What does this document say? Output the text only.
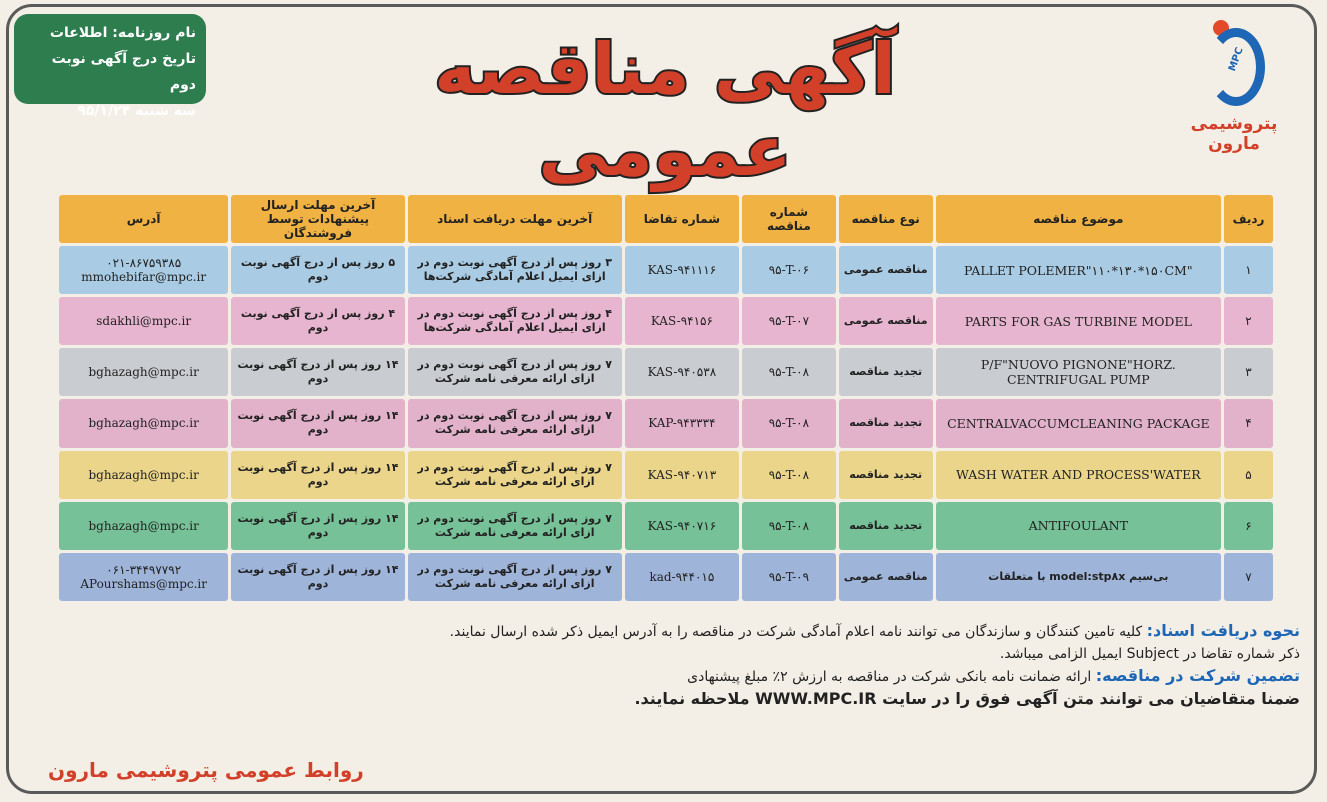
نام روزنامه: اطلاعات
تاریخ درج آگهی نوبت دوم
سه شنبه ۹۵/۱/۲۴
آگهی مناقصه عمومی
MPC
پتروشیمی مارون
ردیف	موضوع مناقصه	نوع مناقصه	شماره مناقصه	شماره تقاضا	آخرین مهلت دریافت اسناد	آخرین مهلت ارسال پیشنهادات توسط فروشندگان	آدرس
۱	PALLET POLEMER"۱۱۰*۱۳۰*۱۵۰CM"	مناقصه عمومی	۹۵-T-۰۶	KAS-۹۴۱۱۱۶	۳ روز پس از درج آگهی نوبت دوم در ازای ایمیل اعلام آمادگی شرکت‌ها	۵ روز پس از درج آگهی نوبت دوم	۰۲۱-۸۶۷۵۹۳۸۵ mmohebifar@mpc.ir
۲	PARTS FOR GAS TURBINE MODEL	مناقصه عمومی	۹۵-T-۰۷	KAS-۹۴۱۵۶	۴ روز پس از درج آگهی نوبت دوم در ازای ایمیل اعلام آمادگی شرکت‌ها	۴ روز پس از درج آگهی نوبت دوم	sdakhli@mpc.ir
۳	P/F"NUOVO PIGNONE"HORZ. CENTRIFUGAL PUMP	تجدید مناقصه	۹۵-T-۰۸	KAS-۹۴۰۵۳۸	۷ روز پس از درج آگهی نوبت دوم در ازای ارائه معرفی نامه شرکت	۱۴ روز پس از درج آگهی نوبت دوم	bghazagh@mpc.ir
۴	CENTRALVACCUMCLEANING PACKAGE	تجدید مناقصه	۹۵-T-۰۸	KAP-۹۴۳۳۳۴	۷ روز پس از درج آگهی نوبت دوم در ازای ارائه معرفی نامه شرکت	۱۴ روز پس از درج آگهی نوبت دوم	bghazagh@mpc.ir
۵	WASH WATER AND PROCESS'WATER	تجدید مناقصه	۹۵-T-۰۸	KAS-۹۴۰۷۱۳	۷ روز پس از درج آگهی نوبت دوم در ازای ارائه معرفی نامه شرکت	۱۴ روز پس از درج آگهی نوبت دوم	bghazagh@mpc.ir
۶	ANTIFOULANT	تجدید مناقصه	۹۵-T-۰۸	KAS-۹۴۰۷۱۶	۷ روز پس از درج آگهی نوبت دوم در ازای ارائه معرفی نامه شرکت	۱۴ روز پس از درج آگهی نوبت دوم	bghazagh@mpc.ir
۷	بی‌سیم model:stp۸x با متعلقات	مناقصه عمومی	۹۵-T-۰۹	kad-۹۴۴۰۱۵	۷ روز پس از درج آگهی نوبت دوم در ازای ارائه معرفی نامه شرکت	۱۴ روز پس از درج آگهی نوبت دوم	۰۶۱-۳۴۴۹۷۷۹۲ APourshams@mpc.ir
نحوه دریافت اسناد: کلیه تامین کنندگان و سازندگان می توانند نامه اعلام آمادگی شرکت در مناقصه را به آدرس ایمیل ذکر شده ارسال نمایند.
ذکر شماره تقاضا در Subject ایمیل الزامی میباشد.
تضمین شرکت در مناقصه: ارائه ضمانت نامه بانکی شرکت در مناقصه به ارزش ۲٪ مبلغ پیشنهادی
ضمنا متقاضیان می توانند متن آگهی فوق را در سایت WWW.MPC.IR ملاحظه نمایند.
روابط عمومی پتروشیمی مارون
